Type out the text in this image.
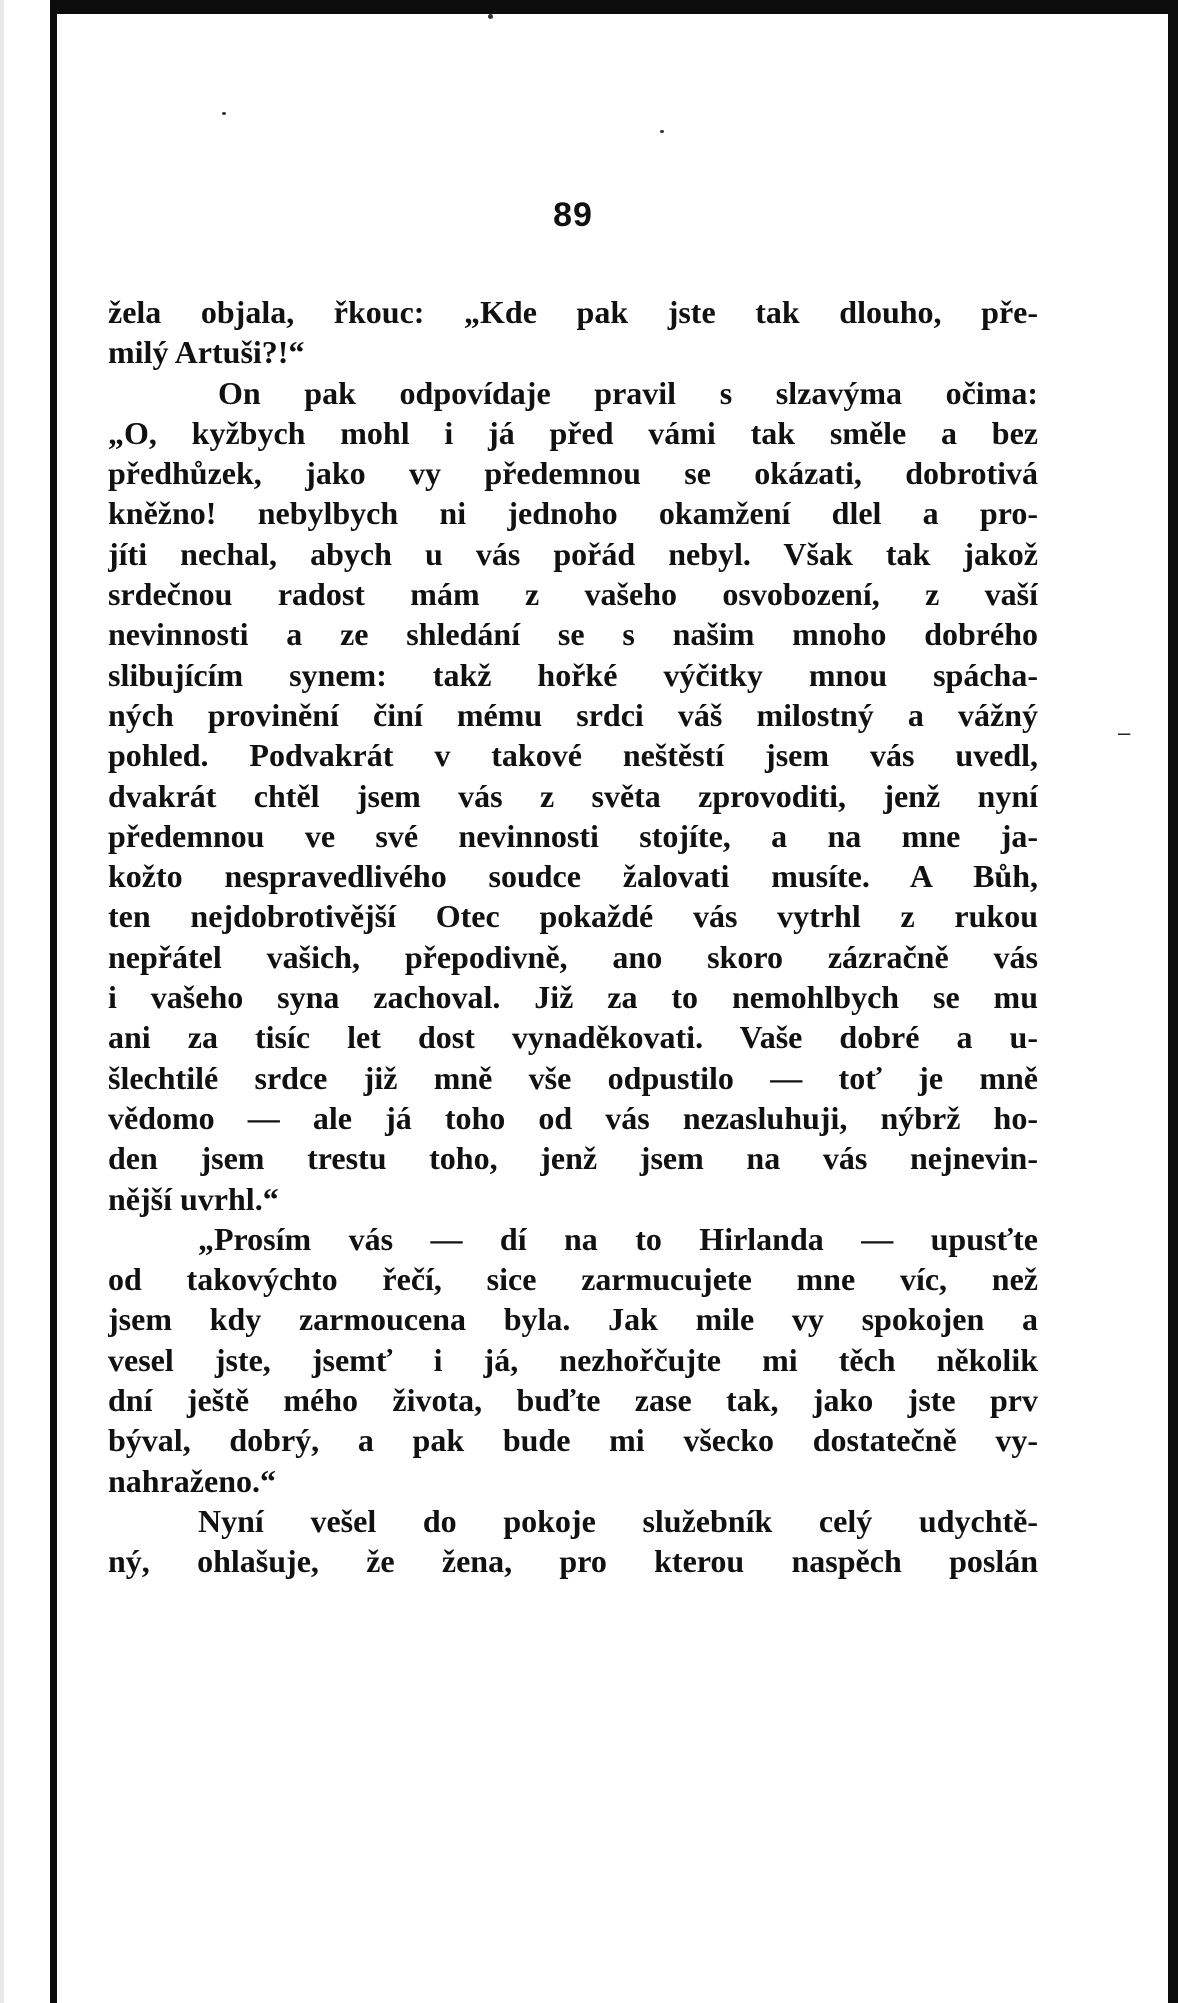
89
žela objala, řkouc: „Kde pak jste tak dlouho, pře-
milý Artuši?!“
On pak odpovídaje pravil s slzavýma očima:
„O, kyžbych mohl i já před vámi tak směle a bez
předhůzek, jako vy předemnou se okázati, dobrotivá
kněžno! nebylbych ni jednoho okamžení dlel a pro-
jíti nechal, abych u vás pořád nebyl. Však tak jakož
srdečnou radost mám z vašeho osvobození, z vaší
nevinnosti a ze shledání se s našim mnoho dobrého
slibujícím synem: takž hořké výčitky mnou spácha-
ných provinění činí mému srdci váš milostný a vážný
pohled. Podvakrát v takové neštěstí jsem vás uvedl,
dvakrát chtěl jsem vás z světa zprovoditi, jenž nyní
předemnou ve své nevinnosti stojíte, a na mne ja-
kožto nespravedlivého soudce žalovati musíte. A Bůh,
ten nejdobrotivější Otec pokaždé vás vytrhl z rukou
nepřátel vašich, přepodivně, ano skoro zázračně vás
i vašeho syna zachoval. Již za to nemohlbych se mu
ani za tisíc let dost vynaděkovati. Vaše dobré a u-
šlechtilé srdce již mně vše odpustilo — toť je mně
vědomo — ale já toho od vás nezasluhuji, nýbrž ho-
den jsem trestu toho, jenž jsem na vás nejnevin-
nější uvrhl.“
„Prosím vás — dí na to Hirlanda — upusťte
od takovýchto řečí, sice zarmucujete mne víc, než
jsem kdy zarmoucena byla. Jak mile vy spokojen a
vesel jste, jsemť i já, nezhořčujte mi těch několik
dní ještě mého života, buďte zase tak, jako jste prv
býval, dobrý, a pak bude mi všecko dostatečně vy-
nahraženo.“
Nyní vešel do pokoje služebník celý udychtě-
ný, ohlašuje, že žena, pro kterou naspěch poslán
–
